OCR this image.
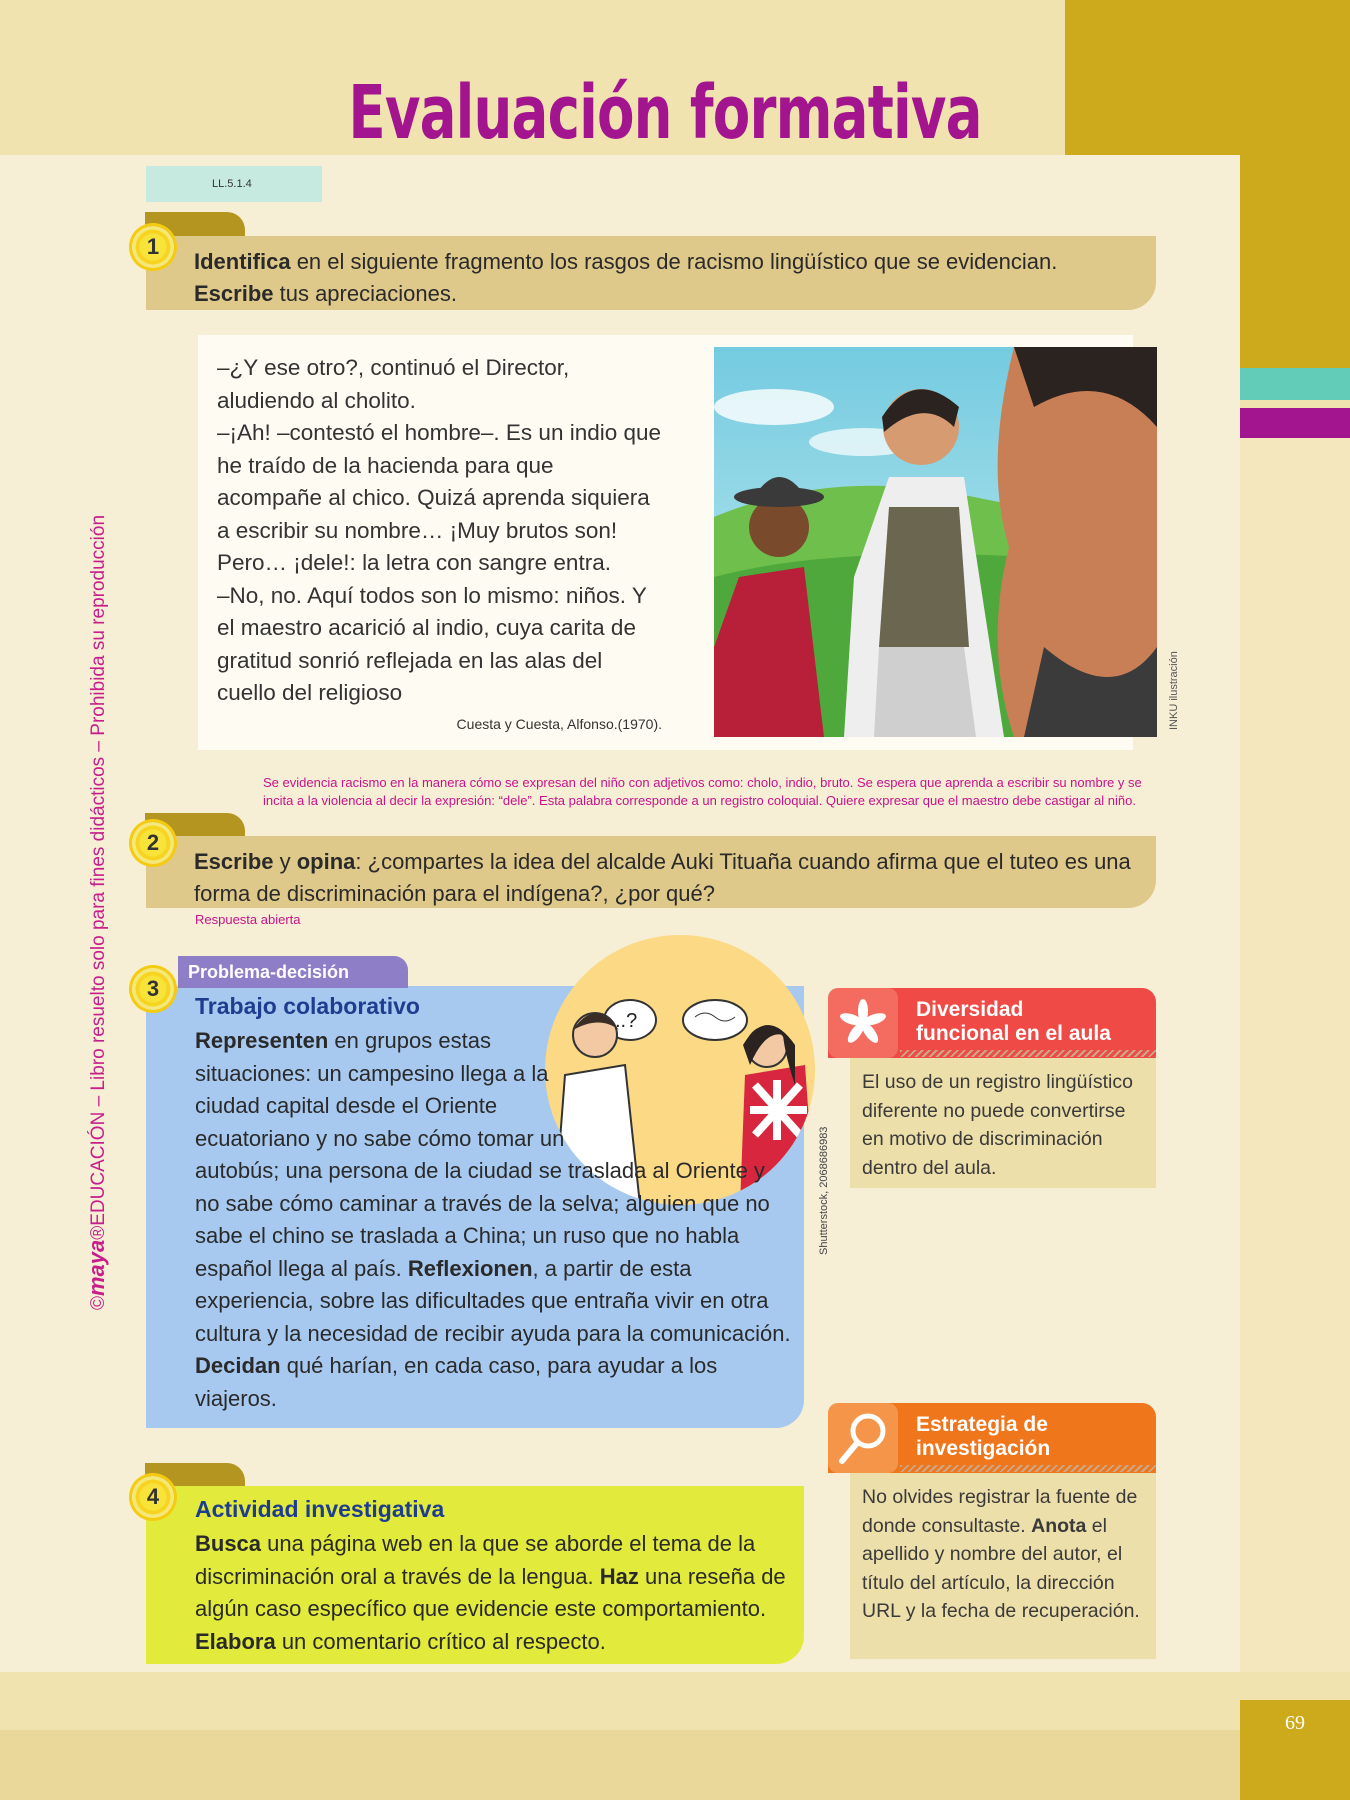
69
Evaluación formativa
LL.5.1.4
©maya®EDUCACIÓN – Libro resuelto solo para fines didácticos – Prohibida su reproducción
Identifica en el siguiente fragmento los rasgos de racismo lingüístico que se evidencian. Escribe tus apreciaciones.
1
–¿Y ese otro?, continuó el Director, aludiendo al cholito.
–¡Ah! –contestó el hombre–. Es un indio que he traído de la hacienda para que acompañe al chico. Quizá aprenda siquiera a escribir su nombre… ¡Muy brutos son! Pero… ¡dele!: la letra con sangre entra.
–No, no. Aquí todos son lo mismo: niños. Y el maestro acarició al indio, cuya carita de gratitud sonrió reflejada en las alas del cuello del religioso
Cuesta y Cuesta, Alfonso.(1970).	INKU ilustración
Se evidencia racismo en la manera cómo se expresan del niño con adjetivos como: cholo, indio, bruto. Se espera que aprenda a escribir su nombre y se incita a la violencia al decir la expresión: “dele”. Esta palabra corresponde a un registro coloquial. Quiere expresar que el maestro debe castigar al niño.
Escribe y opina: ¿compartes la idea del alcalde Auki Tituaña cuando afirma que el tuteo es una forma de discriminación para el indígena?, ¿por qué?
2
Respuesta abierta
Problema-decisión
3
..?
Trabajo colaborativo
Representen en grupos estas situaciones: un campesino llega a la ciudad capital desde el Oriente ecuatoriano y no sabe cómo tomar un autobús; una persona de la ciudad se traslada al Oriente y no sabe cómo caminar a través de la selva; alguien que no sabe el chino se traslada a China; un ruso que no habla español llega al país. Reflexionen, a partir de esta experiencia, sobre las dificultades que entraña vivir en otra cultura y la necesidad de recibir ayuda para la comunicación. Decidan qué harían, en cada caso, para ayudar a los viajeros.
Shutterstock, 2068686983
4	Actividad investigativa
Busca una página web en la que se aborde el tema de la discriminación oral a través de la lengua. Haz una reseña de algún caso específico que evidencie este comportamiento. Elabora un comentario crítico al respecto.
Diversidad
funcional en el aula
El uso de un registro lingüístico diferente no puede convertirse en motivo de discriminación dentro del aula.
Estrategia de
investigación
No olvides registrar la fuente de donde consultaste. Anota el apellido y nombre del autor, el título del artículo, la dirección URL y la fecha de recuperación.
